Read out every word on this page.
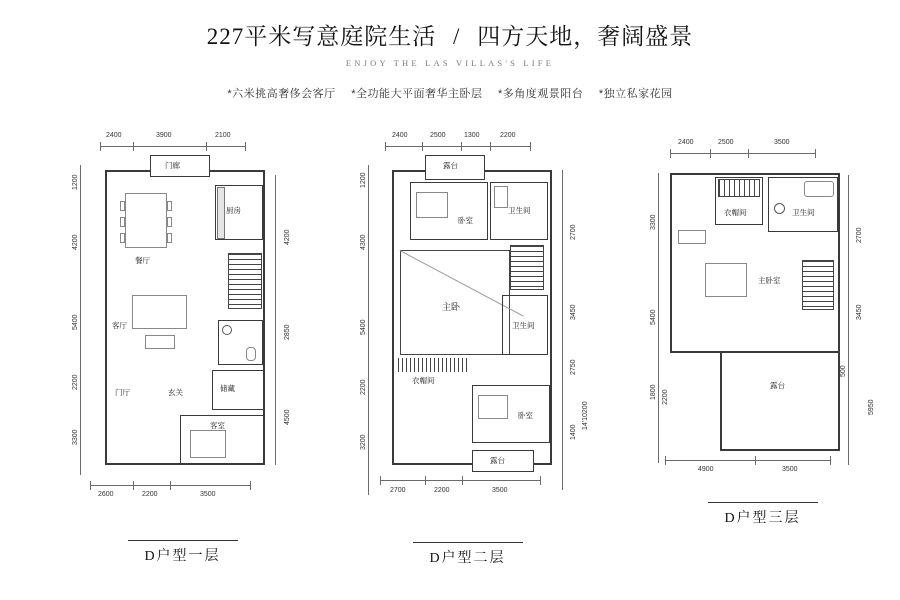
227平米写意庭院生活 / 四方天地，奢阔盛景
ENJOY THE LAS VILLAS'S LIFE
*六米挑高奢侈会客厅 *全功能大平面奢华主卧层 *多角度观景阳台 *独立私家花园
2400	3900	2100
1200
4200
5400
2200
3300
4200
2850
4500
2600	2200	3500
门廊
厨房
餐厅
客厅
门厅	玄关	储藏
客室
D户型一层
2400	2500	1300	2200
1200
4300
5400
2200
3200
2700
3450
2750
1400
14'10200
2700	2200	3500
露台
卧室
卫生间
主卧
衣帽间
卫生间
卧室
露台
D户型二层
2400	2500	3500
3300
5400
1800 2200
2700
3450
5950
500
4900	3500
衣帽间	卫生间
主卧室
露台
D户型三层
